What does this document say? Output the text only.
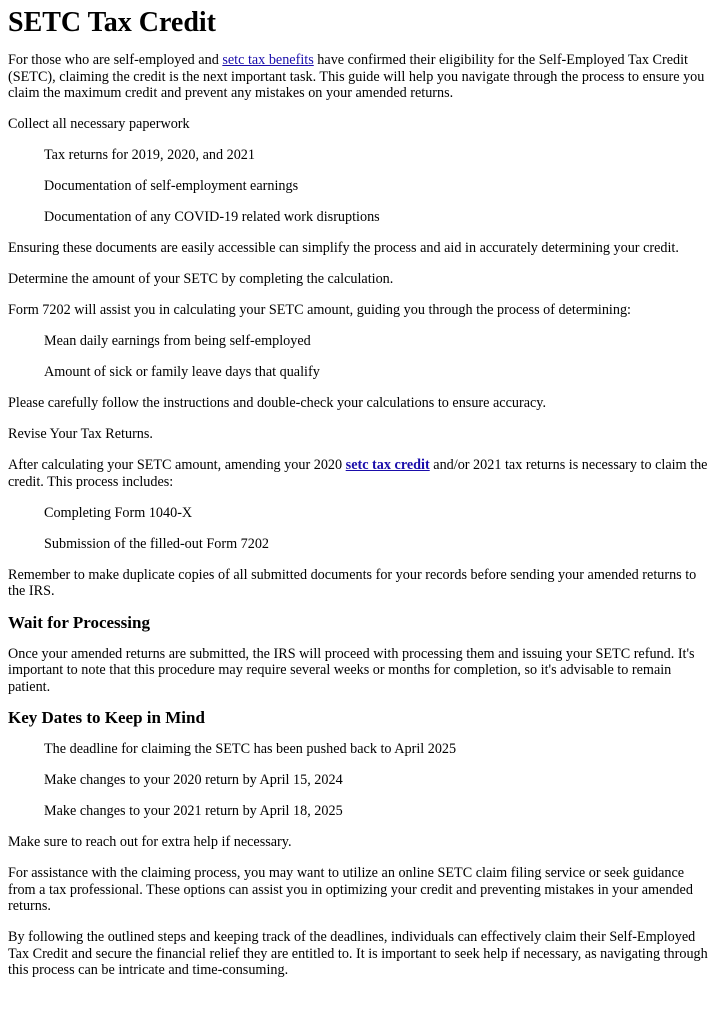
SETC Tax Credit

For those who are self-employed and setc tax benefits have confirmed their eligibility for the Self-Employed Tax Credit (SETC), claiming the credit is the next important task. This guide will help you navigate through the process to ensure you claim the maximum credit and prevent any mistakes on your amended returns.

Collect all necessary paperwork

Tax returns for 2019, 2020, and 2021

Documentation of self-employment earnings

Documentation of any COVID-19 related work disruptions

Ensuring these documents are easily accessible can simplify the process and aid in accurately determining your credit.

Determine the amount of your SETC by completing the calculation.

Form 7202 will assist you in calculating your SETC amount, guiding you through the process of determining:

Mean daily earnings from being self-employed

Amount of sick or family leave days that qualify

Please carefully follow the instructions and double-check your calculations to ensure accuracy.

Revise Your Tax Returns.

After calculating your SETC amount, amending your 2020 setc tax credit and/or 2021 tax returns is necessary to claim the credit. This process includes:

Completing Form 1040-X

Submission of the filled-out Form 7202

Remember to make duplicate copies of all submitted documents for your records before sending your amended returns to the IRS.

Wait for Processing

Once your amended returns are submitted, the IRS will proceed with processing them and issuing your SETC refund. It's important to note that this procedure may require several weeks or months for completion, so it's advisable to remain patient.

Key Dates to Keep in Mind

The deadline for claiming the SETC has been pushed back to April 2025

Make changes to your 2020 return by April 15, 2024

Make changes to your 2021 return by April 18, 2025

Make sure to reach out for extra help if necessary.

For assistance with the claiming process, you may want to utilize an online SETC claim filing service or seek guidance from a tax professional. These options can assist you in optimizing your credit and preventing mistakes in your amended returns.

By following the outlined steps and keeping track of the deadlines, individuals can effectively claim their Self-Employed Tax Credit and secure the financial relief they are entitled to. It is important to seek help if necessary, as navigating through this process can be intricate and time-consuming.
